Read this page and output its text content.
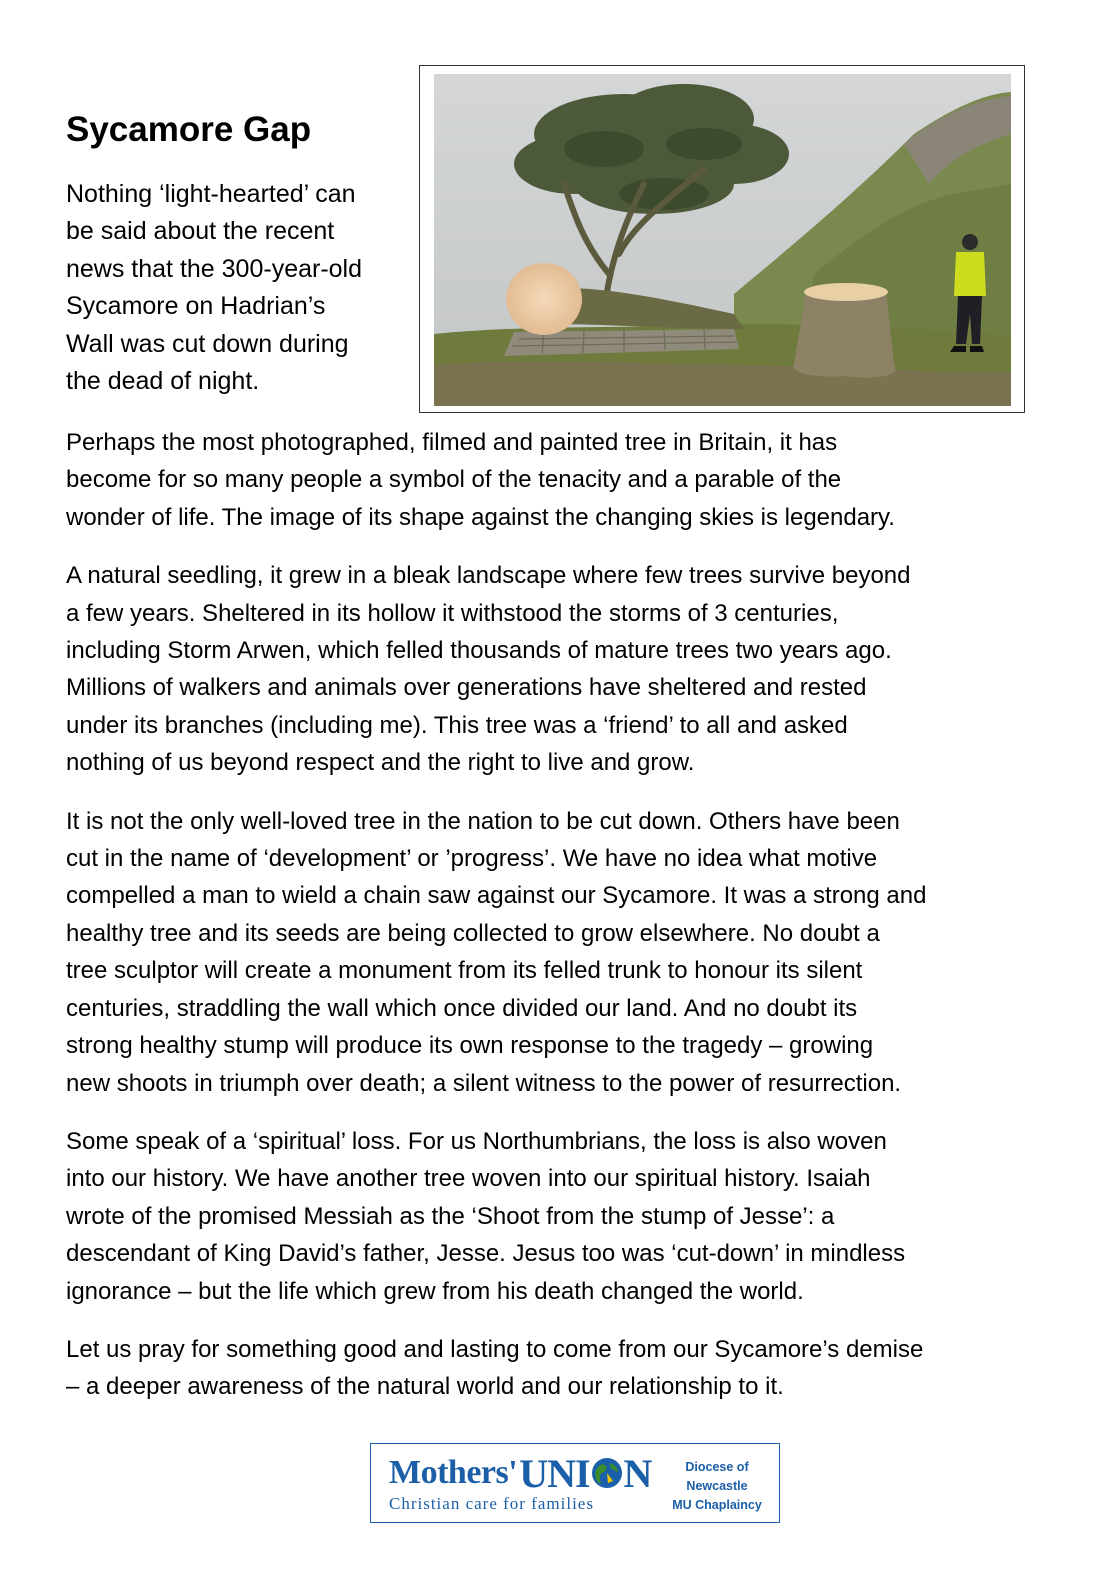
Sycamore Gap

Nothing ‘light-hearted’ can
be said about the recent
news that the 300-year-old
Sycamore on Hadrian’s
Wall was cut down during
the dead of night.

Perhaps the most photographed, filmed and painted tree in Britain, it has
become for so many people a symbol of the tenacity and a parable of the
wonder of life. The image of its shape against the changing skies is legendary.

A natural seedling, it grew in a bleak landscape where few trees survive beyond
a few years. Sheltered in its hollow it withstood the storms of 3 centuries,
including Storm Arwen, which felled thousands of mature trees two years ago.
Millions of walkers and animals over generations have sheltered and rested
under its branches (including me). This tree was a ‘friend’ to all and asked
nothing of us beyond respect and the right to live and grow.

It is not the only well-loved tree in the nation to be cut down. Others have been
cut in the name of ‘development’ or ’progress’. We have no idea what motive
compelled a man to wield a chain saw against our Sycamore. It was a strong and
healthy tree and its seeds are being collected to grow elsewhere. No doubt a
tree sculptor will create a monument from its felled trunk to honour its silent
centuries, straddling the wall which once divided our land. And no doubt its
strong healthy stump will produce its own response to the tragedy – growing
new shoots in triumph over death; a silent witness to the power of resurrection.

Some speak of a ‘spiritual’ loss. For us Northumbrians, the loss is also woven
into our history. We have another tree woven into our spiritual history. Isaiah
wrote of the promised Messiah as the ‘Shoot from the stump of Jesse’: a
descendant of King David’s father, Jesse. Jesus too was ‘cut-down’ in mindless
ignorance – but the life which grew from his death changed the world.

Let us pray for something good and lasting to come from our Sycamore’s demise
– a deeper awareness of the natural world and our relationship to it.

Mothers' UNI N
Christian care for families
Diocese of
Newcastle
MU Chaplaincy
